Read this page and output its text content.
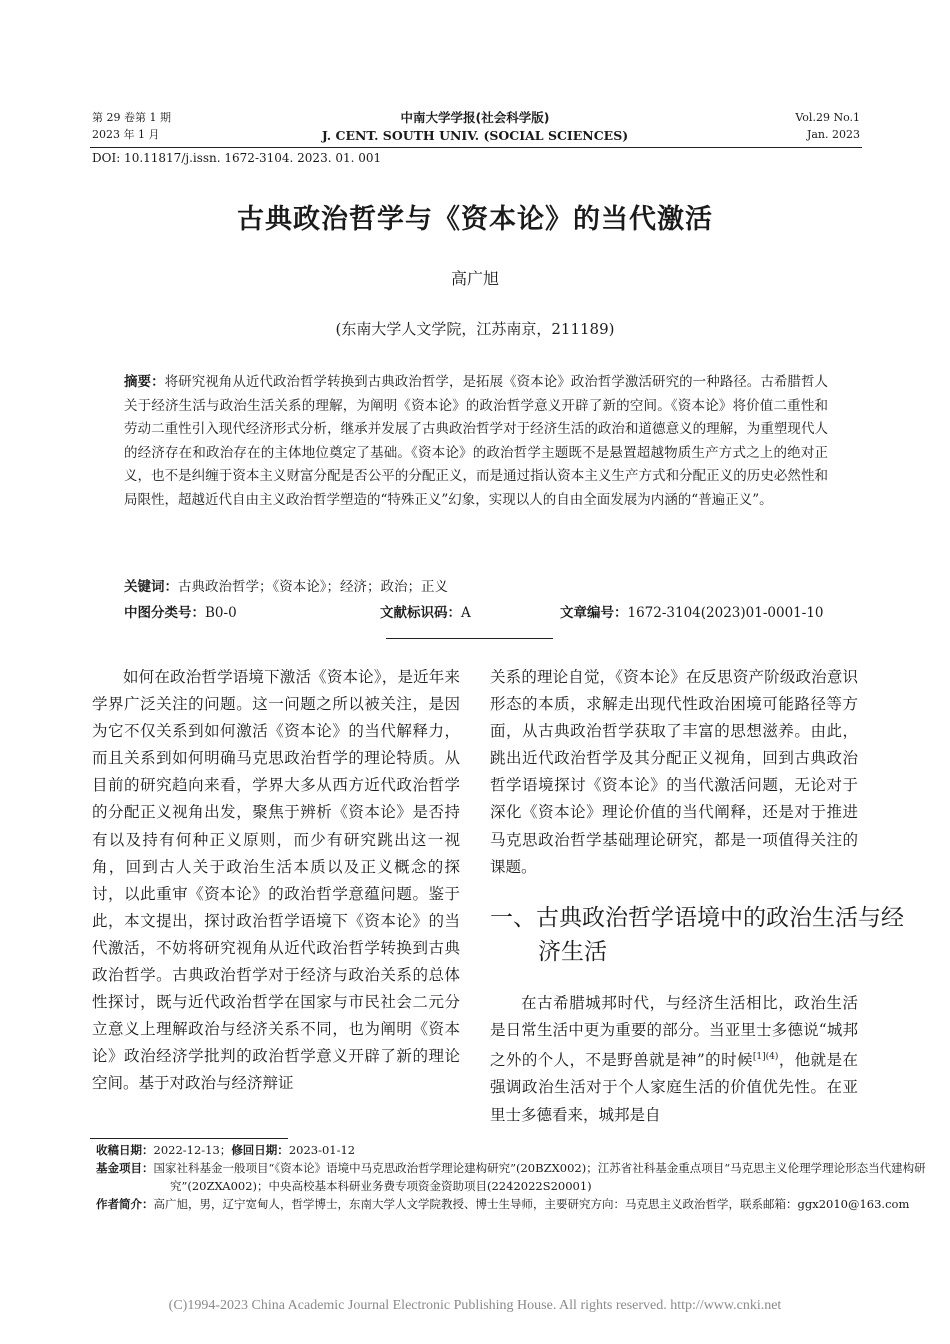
第 29 卷第 1 期
2023 年 1 月
中南大学学报(社会科学版)
J. CENT. SOUTH UNIV. (SOCIAL SCIENCES)
Vol.29 No.1
Jan. 2023
DOI: 10.11817/j.issn. 1672-3104. 2023. 01. 001
古典政治哲学与《资本论》的当代激活
高广旭
(东南大学人文学院，江苏南京，211189)
摘要：将研究视角从近代政治哲学转换到古典政治哲学，是拓展《资本论》政治哲学激活研究的一种路径。古希腊哲人关于经济生活与政治生活关系的理解，为阐明《资本论》的政治哲学意义开辟了新的空间。《资本论》将价值二重性和劳动二重性引入现代经济形式分析，继承并发展了古典政治哲学对于经济生活的政治和道德意义的理解，为重塑现代人的经济存在和政治存在的主体地位奠定了基础。《资本论》的政治哲学主题既不是悬置超越物质生产方式之上的绝对正义，也不是纠缠于资本主义财富分配是否公平的分配正义，而是通过指认资本主义生产方式和分配正义的历史必然性和局限性，超越近代自由主义政治哲学塑造的“特殊正义”幻象，实现以人的自由全面发展为内涵的“普遍正义”。
关键词：古典政治哲学；《资本论》；经济；政治；正义
中图分类号：B0-0	文献标识码：A	文章编号：1672-3104(2023)01-0001-10

如何在政治哲学语境下激活《资本论》，是近年来学界广泛关注的问题。这一问题之所以被关注，是因为它不仅关系到如何激活《资本论》的当代解释力，而且关系到如何明确马克思政治哲学的理论特质。从目前的研究趋向来看，学界大多从西方近代政治哲学的分配正义视角出发，聚焦于辨析《资本论》是否持有以及持有何种正义原则，而少有研究跳出这一视角，回到古人关于政治生活本质以及正义概念的探讨，以此重审《资本论》的政治哲学意蕴问题。鉴于此，本文提出，探讨政治哲学语境下《资本论》的当代激活，不妨将研究视角从近代政治哲学转换到古典政治哲学。古典政治哲学对于经济与政治关系的总体性探讨，既与近代政治哲学在国家与市民社会二元分立意义上理解政治与经济关系不同，也为阐明《资本论》政治经济学批判的政治哲学意义开辟了新的理论空间。基于对政治与经济辩证

关系的理论自觉，《资本论》在反思资产阶级政治意识形态的本质，求解走出现代性政治困境可能路径等方面，从古典政治哲学获取了丰富的思想滋养。由此，跳出近代政治哲学及其分配正义视角，回到古典政治哲学语境探讨《资本论》的当代激活问题，无论对于深化《资本论》理论价值的当代阐释，还是对于推进马克思政治哲学基础理论研究，都是一项值得关注的课题。

一、古典政治哲学语境中的政治生活与经济生活

在古希腊城邦时代，与经济生活相比，政治生活是日常生活中更为重要的部分。当亚里士多德说“城邦之外的个人，不是野兽就是神”的时候$^{[1](4)}$，他就是在强调政治生活对于个人家庭生活的价值优先性。在亚里士多德看来，城邦是自

收稿日期：2022-12-13；修回日期：2023-01-12
基金项目：国家社科基金一般项目“《资本论》语境中马克思政治哲学理论建构研究”(20BZX002)；江苏省社科基金重点项目“马克思主义伦理学理论形态当代建构研究”(20ZXA002)；中央高校基本科研业务费专项资金资助项目(2242022S20001)
作者简介：高广旭，男，辽宁宽甸人，哲学博士，东南大学人文学院教授、博士生导师，主要研究方向：马克思主义政治哲学，联系邮箱：ggx2010@163.com
(C)1994-2023 China Academic Journal Electronic Publishing House. All rights reserved. http://www.cnki.net
